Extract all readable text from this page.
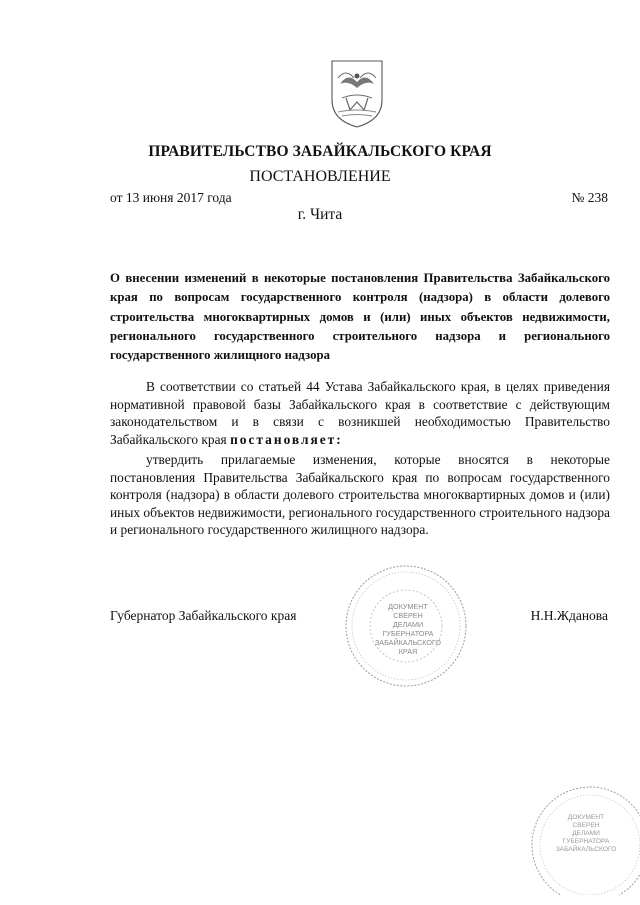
ПРАВИТЕЛЬСТВО ЗАБАЙКАЛЬСКОГО КРАЯ
ПОСТАНОВЛЕНИЕ
от 13 июня 2017 года	№ 238
г. Чита
О внесении изменений в некоторые постановления Правительства Забайкальского края по вопросам государственного контроля (надзора) в области долевого строительства многоквартирных домов и (или) иных объектов недвижимости, регионального государственного строительного надзора и регионального государственного жилищного надзора
В соответствии со статьей 44 Устава Забайкальского края, в целях приведения нормативной правовой базы Забайкальского края в соответствие с действующим законодательством и в связи с возникшей необходимостью Правительство Забайкальского края постановляет:
утвердить прилагаемые изменения, которые вносятся в некоторые постановления Правительства Забайкальского края по вопросам государственного контроля (надзора) в области долевого строительства многоквартирных домов и (или) иных объектов недвижимости, регионального государственного строительного надзора и регионального государственного жилищного надзора.
Губернатор Забайкальского края	Н.Н.Жданова
ДОКУМЕНТ
СВЕРЕН
ДЕЛАМИ
ГУБЕРНАТОРА
ЗАБАЙКАЛЬСКОГО
КРАЯ
ДОКУМЕНТ
СВЕРЕН
ДЕЛАМИ
ГУБЕРНАТОРА
ЗАБАЙКАЛЬСКОГО
